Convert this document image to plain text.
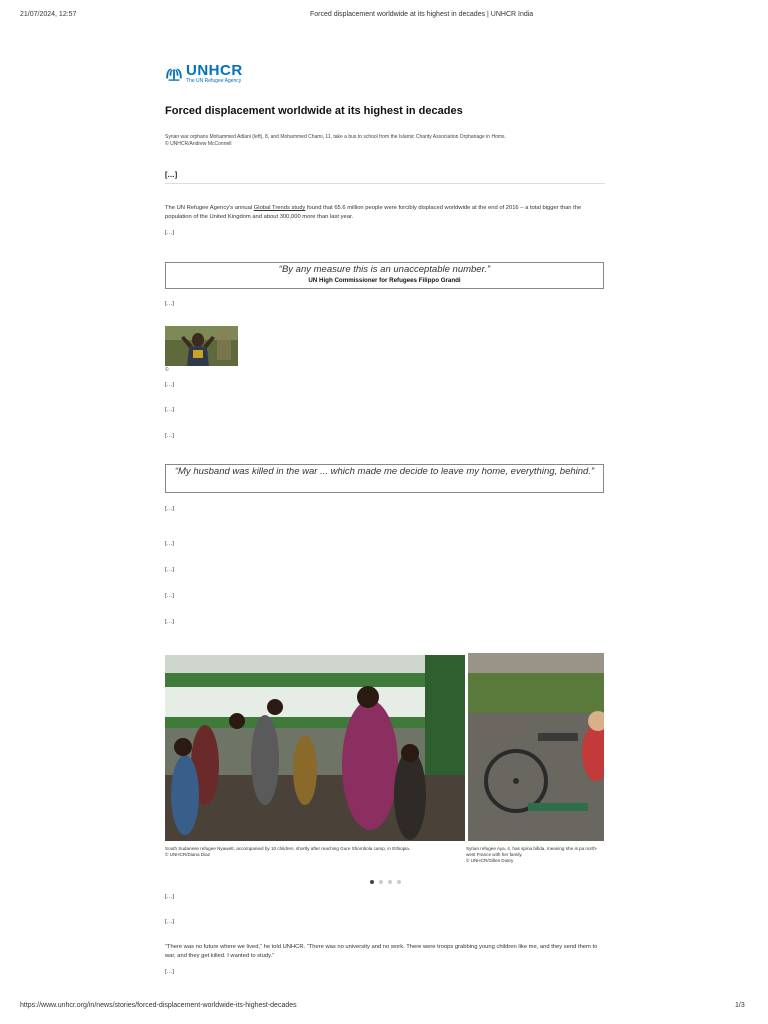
21/07/2024, 12:57	Forced displacement worldwide at its highest in decades | UNHCR India
UNHCR
The UN Refugee Agency
Forced displacement worldwide at its highest in decades
Syrian war orphans Mohammed Adlani (left), 8, and Mohammed Chami, 11, take a bus to school from the Islamic Charity Association Orphanage in Homs.
© UNHCR/Andrew McConnell
[…]

The UN Refugee Agency's annual Global Trends study found that 65.6 million people were forcibly displaced worldwide at the end of 2016 – a total bigger than the population of the United Kingdom and about 300,000 more than last year.

[…]

“By any measure this is an unacceptable number.”
UN High Commissioner for Refugees Filippo Grandi

[…]

©

[…]

[…]

[…]

“My husband was killed in the war ... which made me decide to leave my home, everything, behind.”

[…]

[…]

[…]

[…]

[…]

South Sudanese refugee Nyawett, accompanied by 10 children, shortly after reaching Gure Shombola camp, in Ethiopia.
© UNHCR/Diana Diaz
Syrian refugee Aya, 4, has spina bifida, meaning she is pa north-west France with her family.
© UNHCR/Gilles Dutey

[…]

[…]

“There was no future where we lived,” he told UNHCR. “There was no university and no work. There were troops grabbing young children like me, and they send them to war, and they get killed. I wanted to study.”

[…]

https://www.unhcr.org/in/news/stories/forced-displacement-worldwide-its-highest-decades	1/3
